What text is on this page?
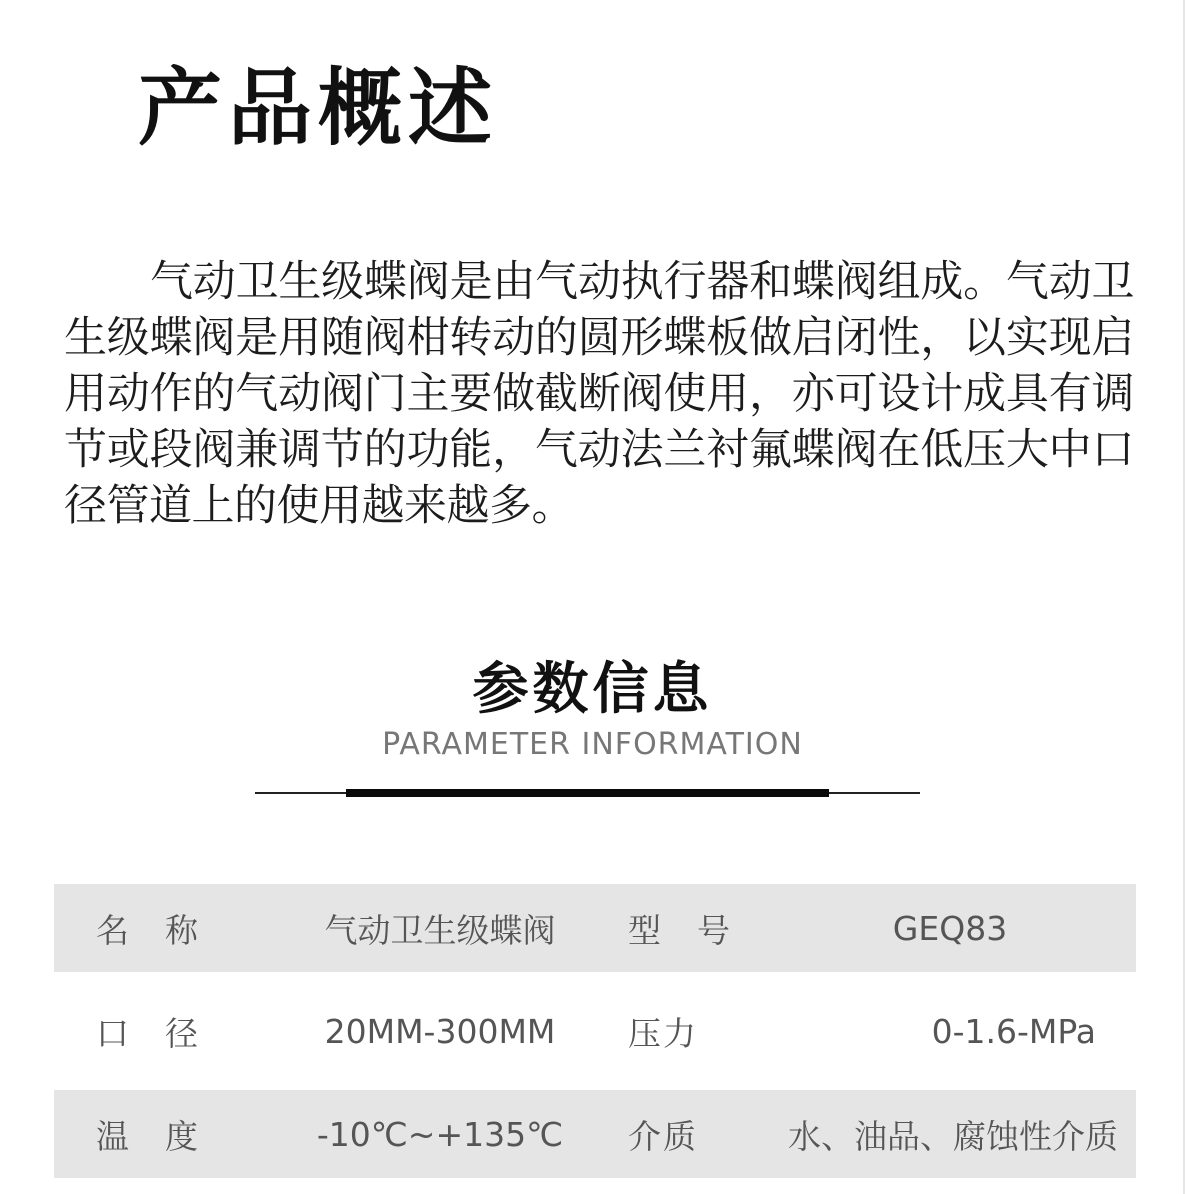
产品概述

气动卫生级蝶阀是由气动执行器和蝶阀组成。气动卫生级蝶阀是用随阀柑转动的圆形蝶板做启闭性，以实现启用动作的气动阀门主要做截断阀使用，亦可设计成具有调节或段阀兼调节的功能，气动法兰衬氟蝶阀在低压大中口径管道上的使用越来越多。

参数信息
PARAMETER INFORMATION
名称	气动卫生级蝶阀	型号	GEQ83
口径	20MM-300MM	压力	0-1.6-MPa
温度	-10℃~+135℃	介质	水、油品、腐蚀性介质
